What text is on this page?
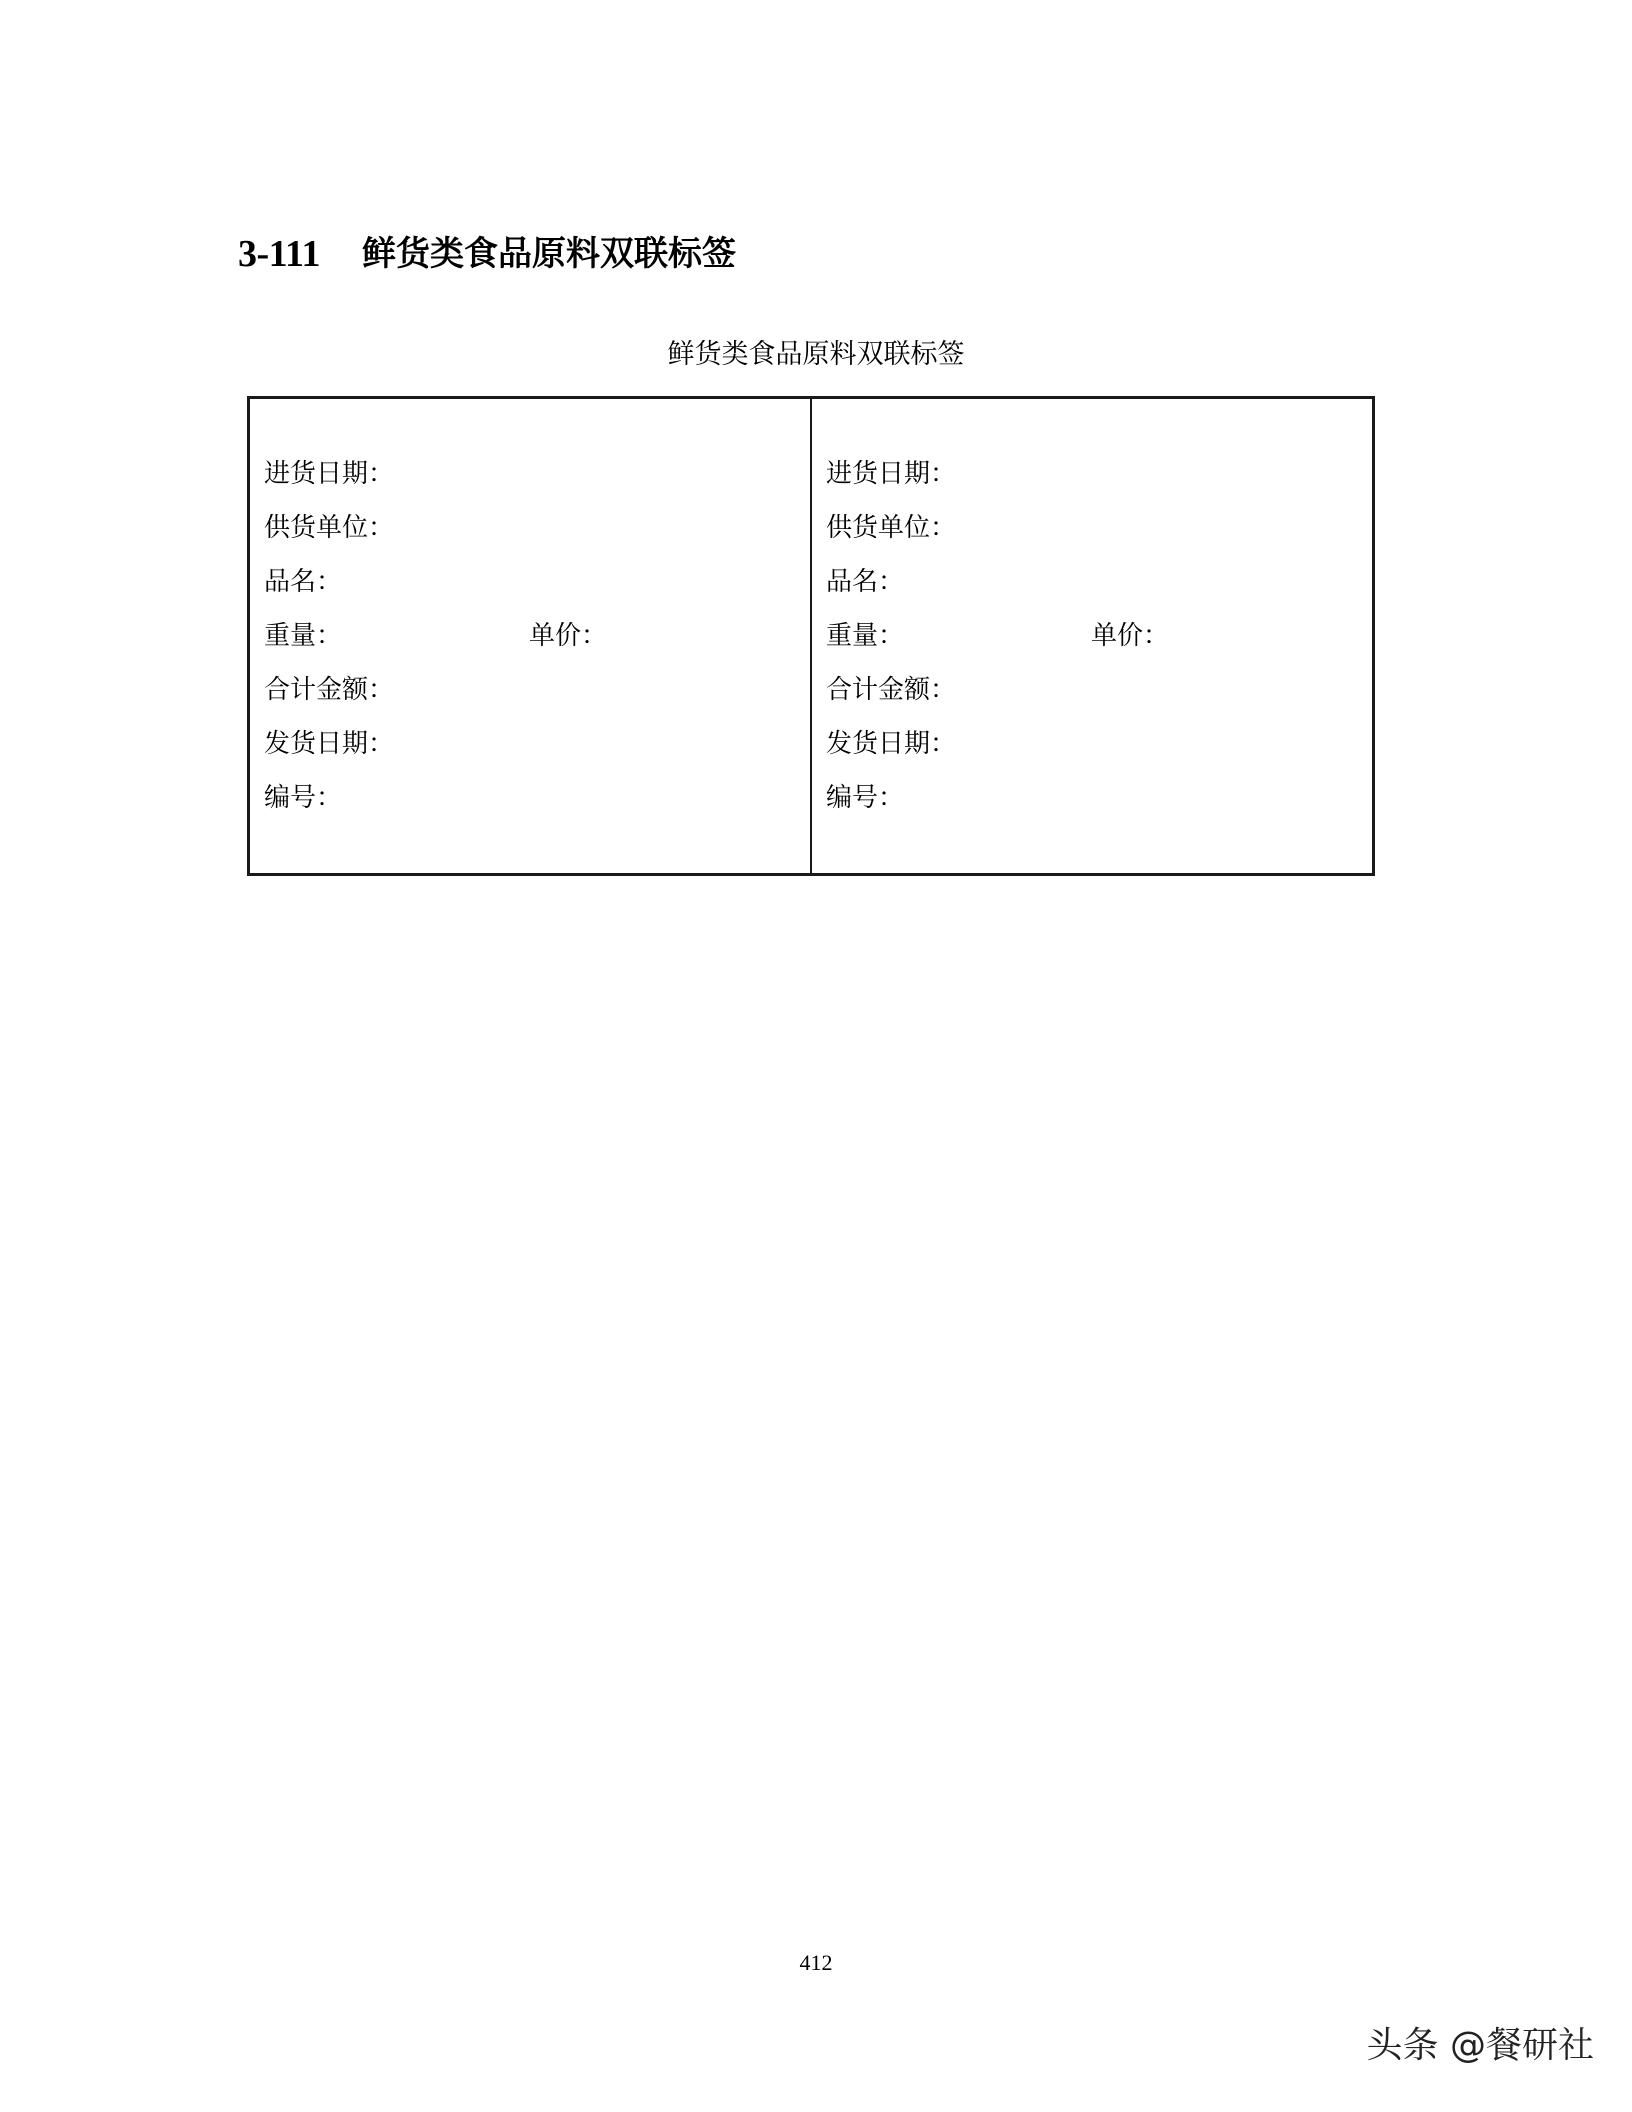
3-111 鲜货类食品原料双联标签
鲜货类食品原料双联标签
进货日期：
供货单位：
品名：
重量：	单价：
合计金额：
发货日期：
编号：
进货日期：
供货单位：
品名：
重量：	单价：
合计金额：
发货日期：
编号：
412
头条 @餐研社
